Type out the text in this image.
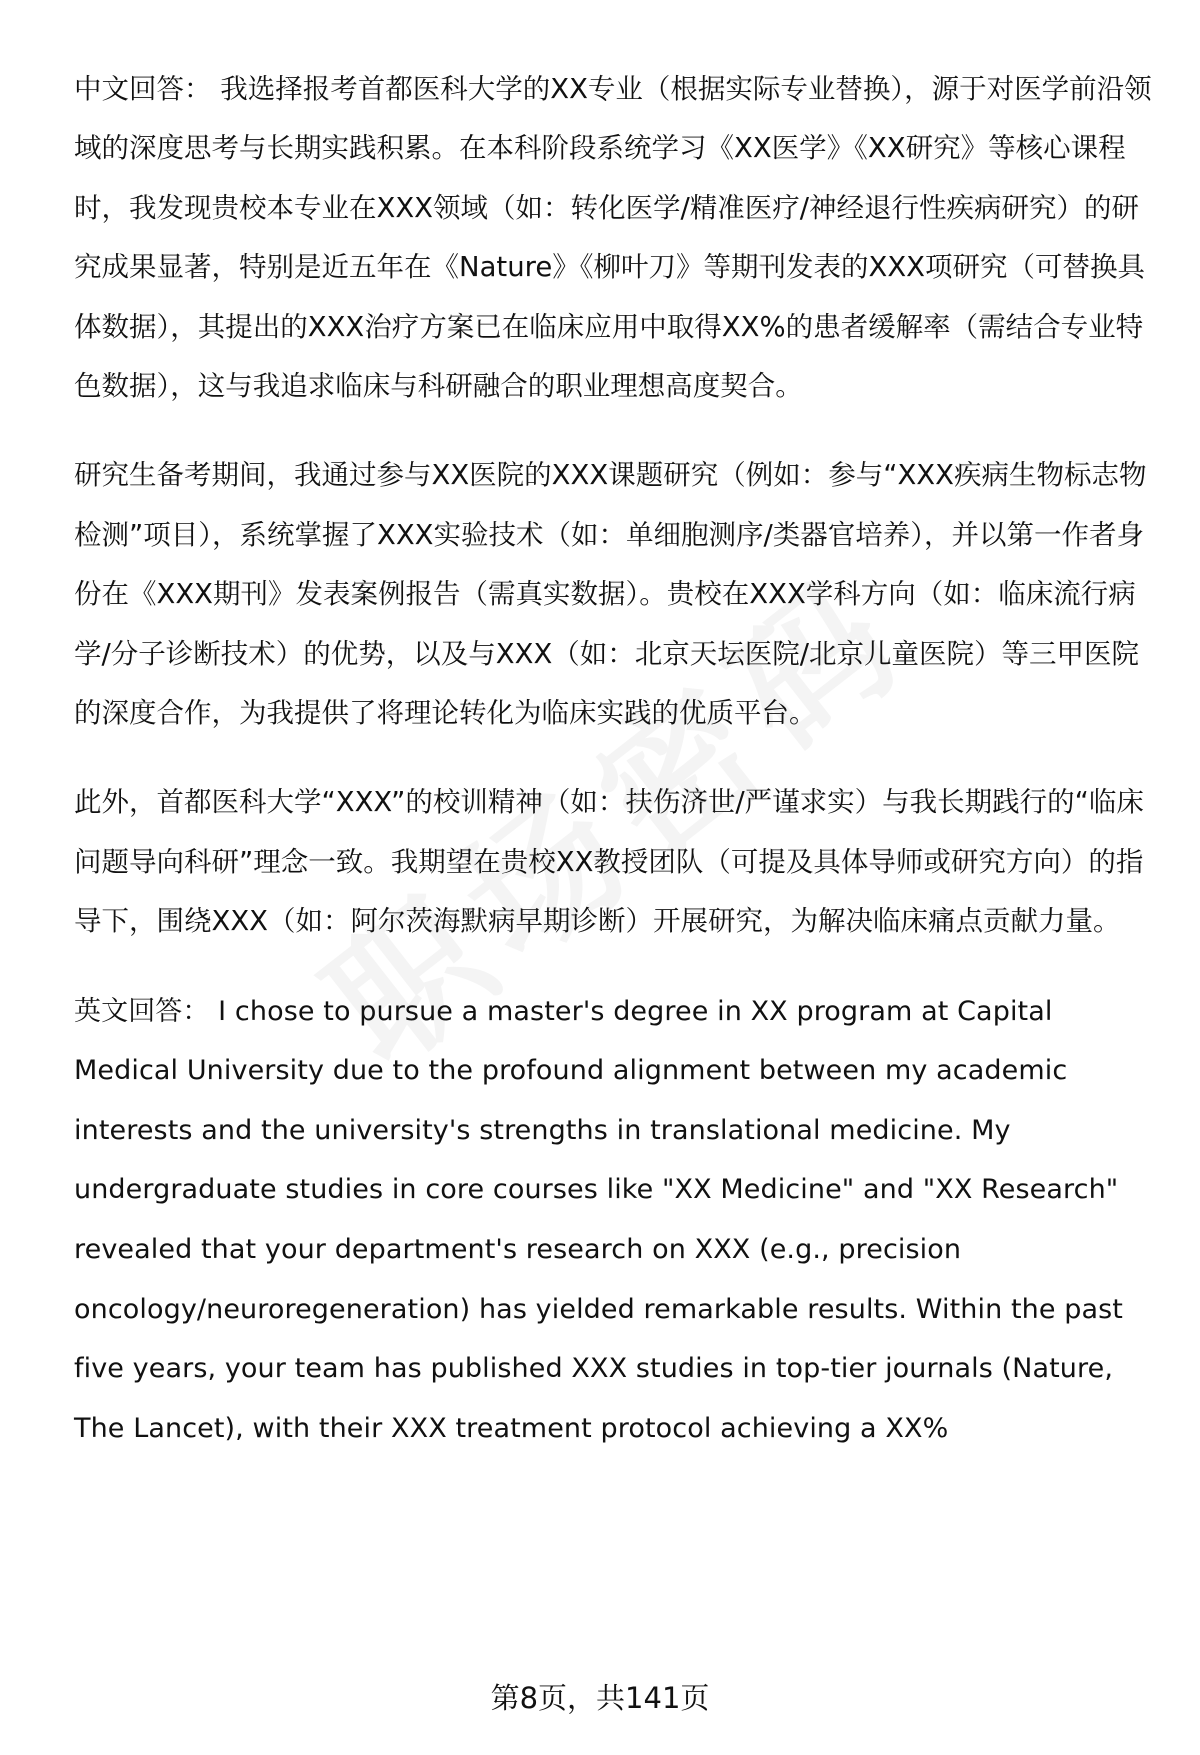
中文回答： 我选择报考首都医科大学的XX专业（根据实际专业替换），源于对医学前沿领域的深度思考与长期实践积累。在本科阶段系统学习《XX医学》《XX研究》等核心课程时，我发现贵校本专业在XXX领域（如：转化医学/精准医疗/神经退行性疾病研究）的研究成果显著，特别是近五年在《Nature》《柳叶刀》等期刊发表的XXX项研究（可替换具体数据），其提出的XXX治疗方案已在临床应用中取得XX%的患者缓解率（需结合专业特色数据），这与我追求临床与科研融合的职业理想高度契合。

研究生备考期间，我通过参与XX医院的XXX课题研究（例如：参与“XXX疾病生物标志物检测”项目），系统掌握了XXX实验技术（如：单细胞测序/类器官培养），并以第一作者身份在《XXX期刊》发表案例报告（需真实数据）。贵校在XXX学科方向（如：临床流行病学/分子诊断技术）的优势，以及与XXX（如：北京天坛医院/北京儿童医院）等三甲医院的深度合作，为我提供了将理论转化为临床实践的优质平台。

此外，首都医科大学“XXX”的校训精神（如：扶伤济世/严谨求实）与我长期践行的“临床问题导向科研”理念一致。我期望在贵校XX教授团队（可提及具体导师或研究方向）的指导下，围绕XXX（如：阿尔茨海默病早期诊断）开展研究，为解决临床痛点贡献力量。

英文回答： I chose to pursue a master's degree in XX program at Capital Medical University due to the profound alignment between my academic interests and the university's strengths in translational medicine. My undergraduate studies in core courses like "XX Medicine" and "XX Research" revealed that your department's research on XXX (e.g., precision oncology/neuroregeneration) has yielded remarkable results. Within the past five years, your team has published XXX studies in top-tier journals (Nature, The Lancet), with their XXX treatment protocol achieving a XX%

第8页，共141页
